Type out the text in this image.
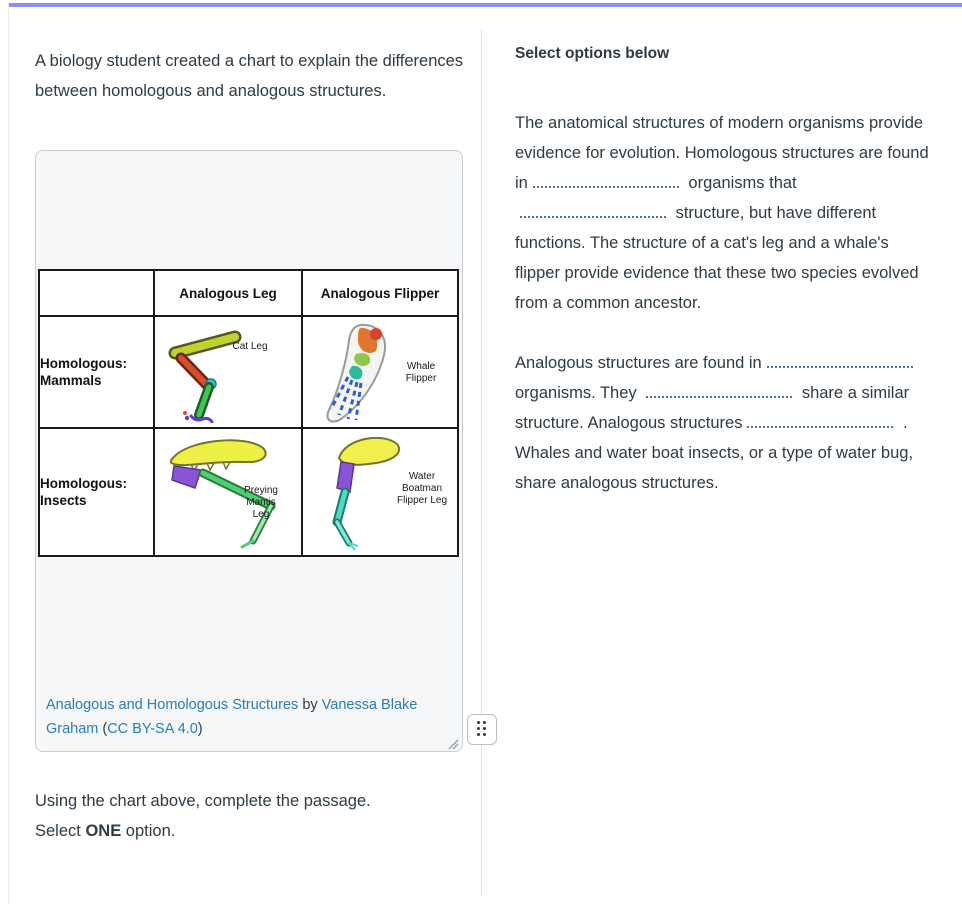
A biology student created a chart to explain the differences between homologous and analogous structures.

	Analogous Leg	Analogous Flipper

Homologous:
Mammals	Cat Leg	Whale Flipper

Homologous:
Insects	Preying Mantis Leg	Water Boatman Flipper Leg
Analogous and Homologous Structures by Vanessa Blake Graham (CC BY-SA 4.0)

Using the chart above, complete the passage.

Select ONE option.

Select options below

The anatomical structures of modern organisms provide evidence for evolution. Homologous structures are found in	organisms that  structure, but have different functions. The structure of a cat's leg and a whale's flipper provide evidence that these two species evolved from a common ancestor.

Analogous structures are found in organisms. They	share a similar structure. Analogous structures	. Whales and water boat insects, or a type of water bug, share analogous structures.
